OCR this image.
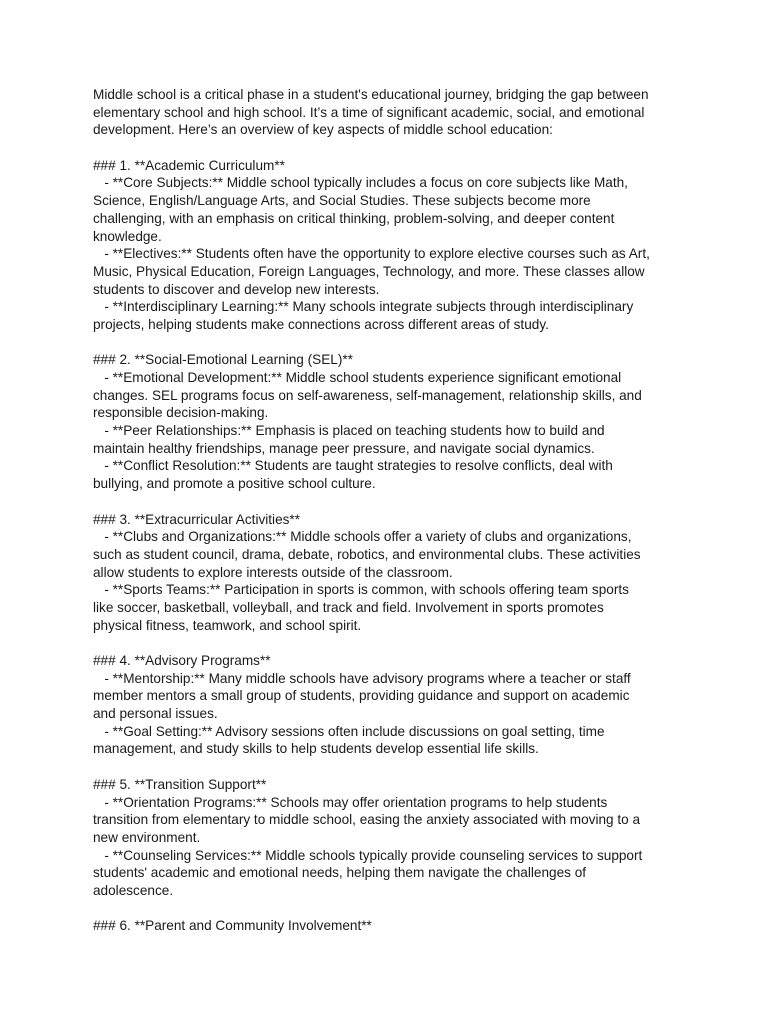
Middle school is a critical phase in a student's educational journey, bridging the gap between
elementary school and high school. It’s a time of significant academic, social, and emotional
development. Here’s an overview of key aspects of middle school education:
### 1. **Academic Curriculum**
- **Core Subjects:** Middle school typically includes a focus on core subjects like Math,
Science, English/Language Arts, and Social Studies. These subjects become more
challenging, with an emphasis on critical thinking, problem-solving, and deeper content
knowledge.
- **Electives:** Students often have the opportunity to explore elective courses such as Art,
Music, Physical Education, Foreign Languages, Technology, and more. These classes allow
students to discover and develop new interests.
- **Interdisciplinary Learning:** Many schools integrate subjects through interdisciplinary
projects, helping students make connections across different areas of study.
### 2. **Social-Emotional Learning (SEL)**
- **Emotional Development:** Middle school students experience significant emotional
changes. SEL programs focus on self-awareness, self-management, relationship skills, and
responsible decision-making.
- **Peer Relationships:** Emphasis is placed on teaching students how to build and
maintain healthy friendships, manage peer pressure, and navigate social dynamics.
- **Conflict Resolution:** Students are taught strategies to resolve conflicts, deal with
bullying, and promote a positive school culture.
### 3. **Extracurricular Activities**
- **Clubs and Organizations:** Middle schools offer a variety of clubs and organizations,
such as student council, drama, debate, robotics, and environmental clubs. These activities
allow students to explore interests outside of the classroom.
- **Sports Teams:** Participation in sports is common, with schools offering team sports
like soccer, basketball, volleyball, and track and field. Involvement in sports promotes
physical fitness, teamwork, and school spirit.
### 4. **Advisory Programs**
- **Mentorship:** Many middle schools have advisory programs where a teacher or staff
member mentors a small group of students, providing guidance and support on academic
and personal issues.
- **Goal Setting:** Advisory sessions often include discussions on goal setting, time
management, and study skills to help students develop essential life skills.
### 5. **Transition Support**
- **Orientation Programs:** Schools may offer orientation programs to help students
transition from elementary to middle school, easing the anxiety associated with moving to a
new environment.
- **Counseling Services:** Middle schools typically provide counseling services to support
students' academic and emotional needs, helping them navigate the challenges of
adolescence.
### 6. **Parent and Community Involvement**
